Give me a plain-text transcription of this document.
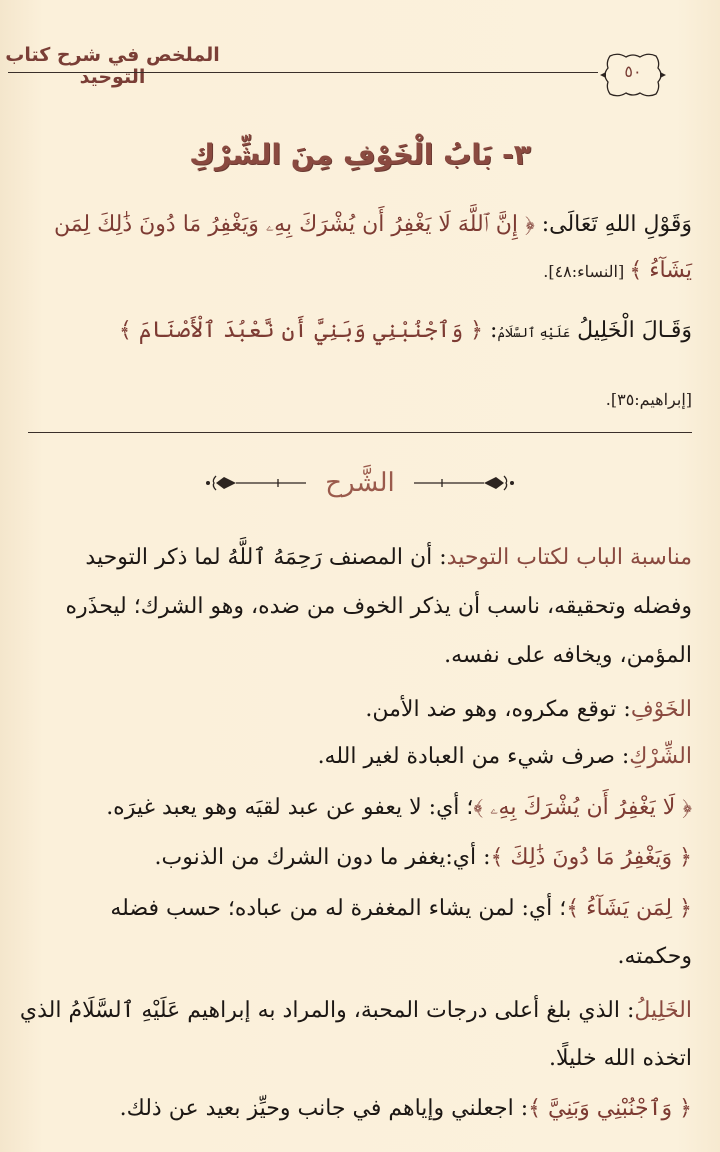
الملخص في شرح كتاب التوحيد	٥٠
٣- بَابُ الْخَوْفِ مِنَ الشِّرْكِ
وَقَوْلِ اللهِ تَعَالَى: ﴿ إِنَّ ٱللَّهَ لَا يَغْفِرُ أَن يُشْرَكَ بِهِۦ وَيَغْفِرُ مَا دُونَ ذَٰلِكَ لِمَن
يَشَآءُ ﴾ [النساء:٤٨].
وَقَـالَ الْخَلِيلُ عَلَيْهِ ٱلسَّلَامُ: ﴿ وَٱجْنُبْنِي وَبَنِيَّ أَن نَّعْبُدَ ٱلْأَصْنَامَ ﴾
[إبراهيم:٣٥].
الشَّرح
مناسبة الباب لكتاب التوحيد: أن المصنف رَحِمَهُ ٱللَّهُ لما ذكر التوحيد
وفضله وتحقيقه، ناسب أن يذكر الخوف من ضده، وهو الشرك؛ ليحذَره
المؤمن، ويخافه على نفسه.
الخَوْفِ: توقع مكروه، وهو ضد الأمن.
الشِّرْكِ: صرف شيء من العبادة لغير الله.
﴿ لَا يَغْفِرُ أَن يُشْرَكَ بِهِۦ ﴾؛ أي: لا يعفو عن عبد لقيَه وهو يعبد غيرَه.
﴿ وَيَغْفِرُ مَا دُونَ ذَٰلِكَ ﴾: أي:يغفر ما دون الشرك من الذنوب.
﴿ لِمَن يَشَآءُ ﴾؛ أي: لمن يشاء المغفرة له من عباده؛ حسب فضله
وحكمته.
الخَلِيلُ: الذي بلغ أعلى درجات المحبة، والمراد به إبراهيم عَلَيْهِ ٱلسَّلَامُ الذي
اتخذه الله خليلًا.
﴿ وَٱجْنُبْنِي وَبَنِيَّ ﴾: اجعلني وإياهم في جانب وحيِّز بعيد عن ذلك.
